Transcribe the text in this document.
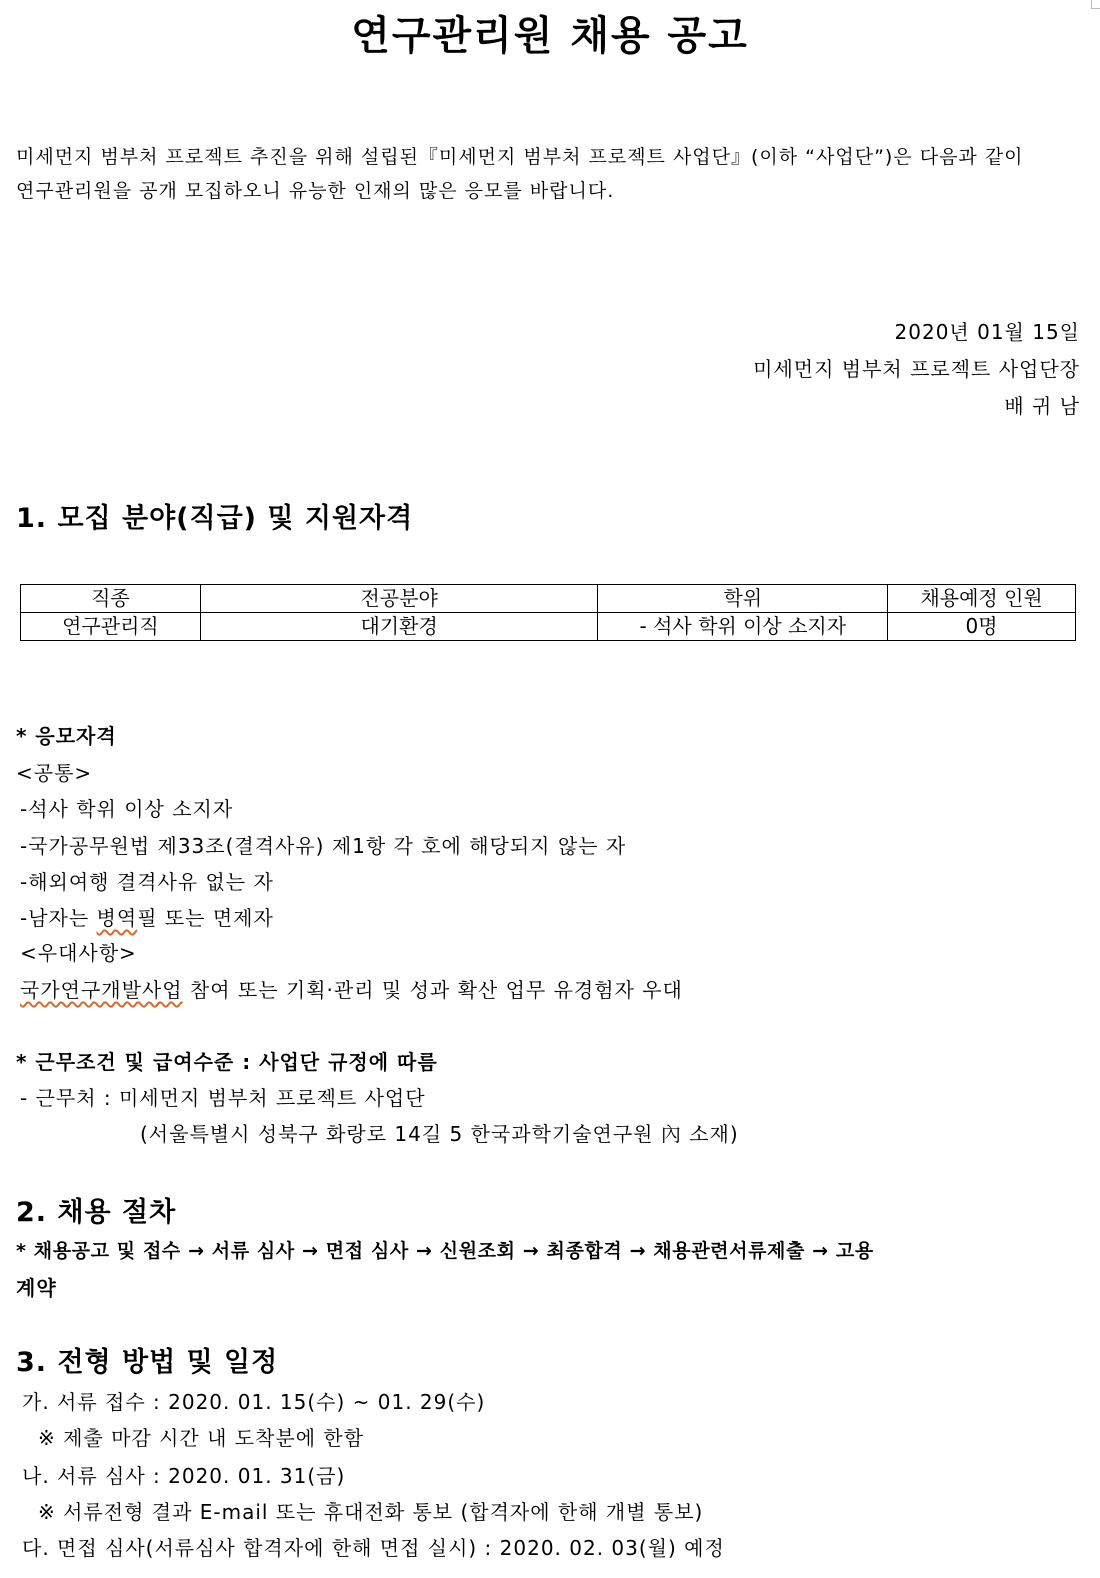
연구관리원 채용 공고
미세먼지 범부처 프로젝트 추진을 위해 설립된『미세먼지 범부처 프로젝트 사업단』(이하 “사업단”)은 다음과 같이
연구관리원을 공개 모집하오니 유능한 인재의 많은 응모를 바랍니다.
2020년 01월 15일
미세먼지 범부처 프로젝트 사업단장
배 귀 남
1. 모집 분야(직급) 및 지원자격
직종	전공분야	학위	채용예정 인원
연구관리직	대기환경	- 석사 학위 이상 소지자	0명
* 응모자격
<공통>
-석사 학위 이상 소지자
-국가공무원법 제33조(결격사유) 제1항 각 호에 해당되지 않는 자
-해외여행 결격사유 없는 자
-남자는 병역필 또는 면제자
<우대사항>
국가연구개발사업 참여 또는 기획·관리 및 성과 확산 업무 유경험자 우대
* 근무조건 및 급여수준 : 사업단 규정에 따름
- 근무처 : 미세먼지 범부처 프로젝트 사업단
(서울특별시 성북구 화랑로 14길 5 한국과학기술연구원 內 소재)
2. 채용 절차
* 채용공고 및 접수 → 서류 심사 → 면접 심사 → 신원조회 → 최종합격 → 채용관련서류제출 → 고용
계약
3. 전형 방법 및 일정
가. 서류 접수 : 2020. 01. 15(수) ~ 01. 29(수)
※ 제출 마감 시간 내 도착분에 한함
나. 서류 심사 : 2020. 01. 31(금)
※ 서류전형 결과 E-mail 또는 휴대전화 통보 (합격자에 한해 개별 통보)
다. 면접 심사(서류심사 합격자에 한해 면접 실시) : 2020. 02. 03(월) 예정
